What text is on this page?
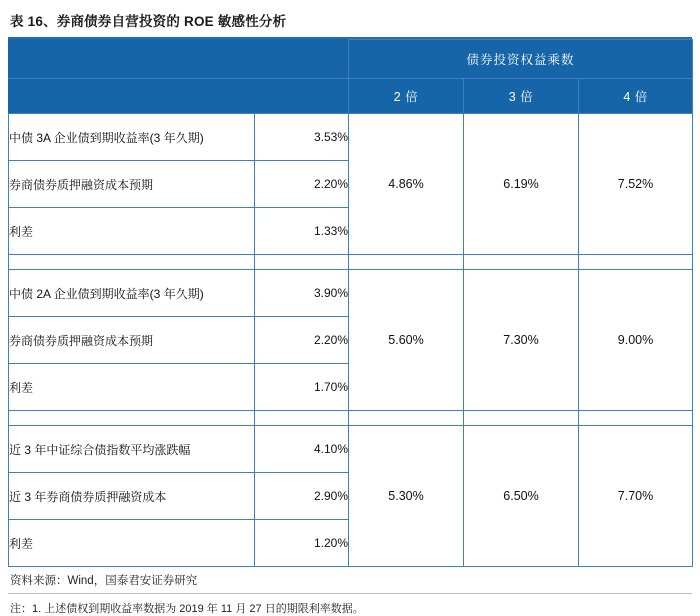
表 16、券商债券自营投资的 ROE 敏感性分析
		债券投资权益乘数		
		2 倍	3 倍	4 倍
中债 3A 企业债到期收益率(3 年久期)	3.53%	4.86%	6.19%	7.52%
券商债券质押融资成本预期	2.20%			
利差	1.33%			

中债 2A 企业债到期收益率(3 年久期)	3.90%	5.60%	7.30%	9.00%
券商债券质押融资成本预期	2.20%			
利差	1.70%			

近 3 年中证综合债指数平均涨跌幅	4.10%	5.30%	6.50%	7.70%
近 3 年券商债券质押融资成本	2.90%			
利差	1.20%			
资料来源：Wind，国泰君安证券研究
注：1. 上述债权到期收益率数据为 2019 年 11 月 27 日的期限利率数据。
